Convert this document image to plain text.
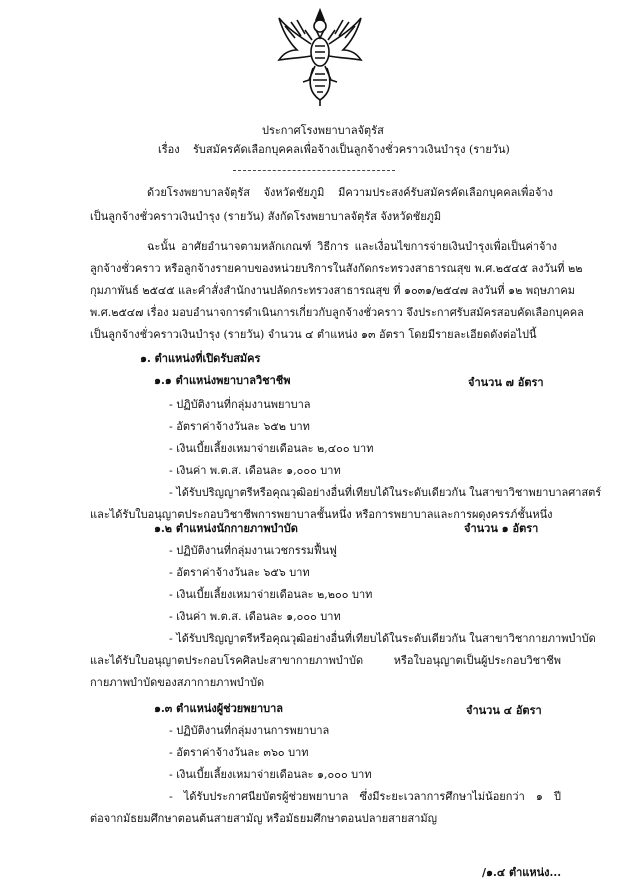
ประกาศโรงพยาบาลจัตุรัส
เรื่อง รับสมัครคัดเลือกบุคคลเพื่อจ้างเป็นลูกจ้างชั่วคราวเงินบำรุง (รายวัน)
ด้วยโรงพยาบาลจัตุรัส จังหวัดชัยภูมิ มีความประสงค์รับสมัครคัดเลือกบุคคลเพื่อจ้าง
เป็นลูกจ้างชั่วคราวเงินบำรุง (รายวัน) สังกัดโรงพยาบาลจัตุรัส จังหวัดชัยภูมิ
ฉะนั้น อาศัยอำนาจตามหลักเกณฑ์ วิธีการ และเงื่อนไขการจ่ายเงินบำรุงเพื่อเป็นค่าจ้าง
ลูกจ้างชั่วคราว หรือลูกจ้างรายคาบของหน่วยบริการในสังกัดกระทรวงสาธารณสุข พ.ศ.๒๕๔๕ ลงวันที่ ๒๒
กุมภาพันธ์ ๒๕๔๕ และคำสั่งสำนักงานปลัดกระทรวงสาธารณสุข ที่ ๑๐๓๑/๒๕๔๗ ลงวันที่ ๑๒ พฤษภาคม
พ.ศ.๒๕๔๗ เรื่อง มอบอำนาจการดำเนินการเกี่ยวกับลูกจ้างชั่วคราว จึงประกาศรับสมัครสอบคัดเลือกบุคคล
เป็นลูกจ้างชั่วคราวเงินบำรุง (รายวัน) จำนวน ๔ ตำแหน่ง ๑๓ อัตรา โดยมีรายละเอียดดังต่อไปนี้
๑. ตำแหน่งที่เปิดรับสมัคร
๑.๑ ตำแหน่งพยาบาลวิชาชีพ	จำนวน ๗ อัตรา
- ปฏิบัติงานที่กลุ่มงานพยาบาล
- อัตราค่าจ้างวันละ ๖๕๒ บาท
- เงินเบี้ยเลี้ยงเหมาจ่ายเดือนละ ๒,๔๐๐ บาท
- เงินค่า พ.ต.ส. เดือนละ ๑,๐๐๐ บาท
- ได้รับปริญญาตรีหรือคุณวุฒิอย่างอื่นที่เทียบได้ในระดับเดียวกัน ในสาขาวิชาพยาบาลศาสตร์
และได้รับใบอนุญาตประกอบวิชาชีพการพยาบาลชั้นหนึ่ง หรือการพยาบาลและการผดุงครรภ์ชั้นหนึ่ง
๑.๒ ตำแหน่งนักกายภาพบำบัด	จำนวน ๑ อัตรา
- ปฏิบัติงานที่กลุ่มงานเวชกรรมฟื้นฟู
- อัตราค่าจ้างวันละ ๖๕๖ บาท
- เงินเบี้ยเลี้ยงเหมาจ่ายเดือนละ ๒,๒๐๐ บาท
- เงินค่า พ.ต.ส. เดือนละ ๑,๐๐๐ บาท
- ได้รับปริญญาตรีหรือคุณวุฒิอย่างอื่นที่เทียบได้ในระดับเดียวกัน ในสาขาวิชากายภาพบำบัด
และได้รับใบอนุญาตประกอบโรคศิลปะสาขากายภาพบำบัด หรือใบอนุญาตเป็นผู้ประกอบวิชาชีพ
กายภาพบำบัดของสภากายภาพบำบัด
๑.๓ ตำแหน่งผู้ช่วยพยาบาล	จำนวน ๔ อัตรา
- ปฏิบัติงานที่กลุ่มงานการพยาบาล
- อัตราค่าจ้างวันละ ๓๖๐ บาท
- เงินเบี้ยเลี้ยงเหมาจ่ายเดือนละ ๑,๐๐๐ บาท
- ได้รับประกาศนียบัตรผู้ช่วยพยาบาล ซึ่งมีระยะเวลาการศึกษาไม่น้อยกว่า ๑ ปี
ต่อจากมัธยมศึกษาตอนต้นสายสามัญ หรือมัธยมศึกษาตอนปลายสายสามัญ
/๑.๔ ตำแหน่ง...
